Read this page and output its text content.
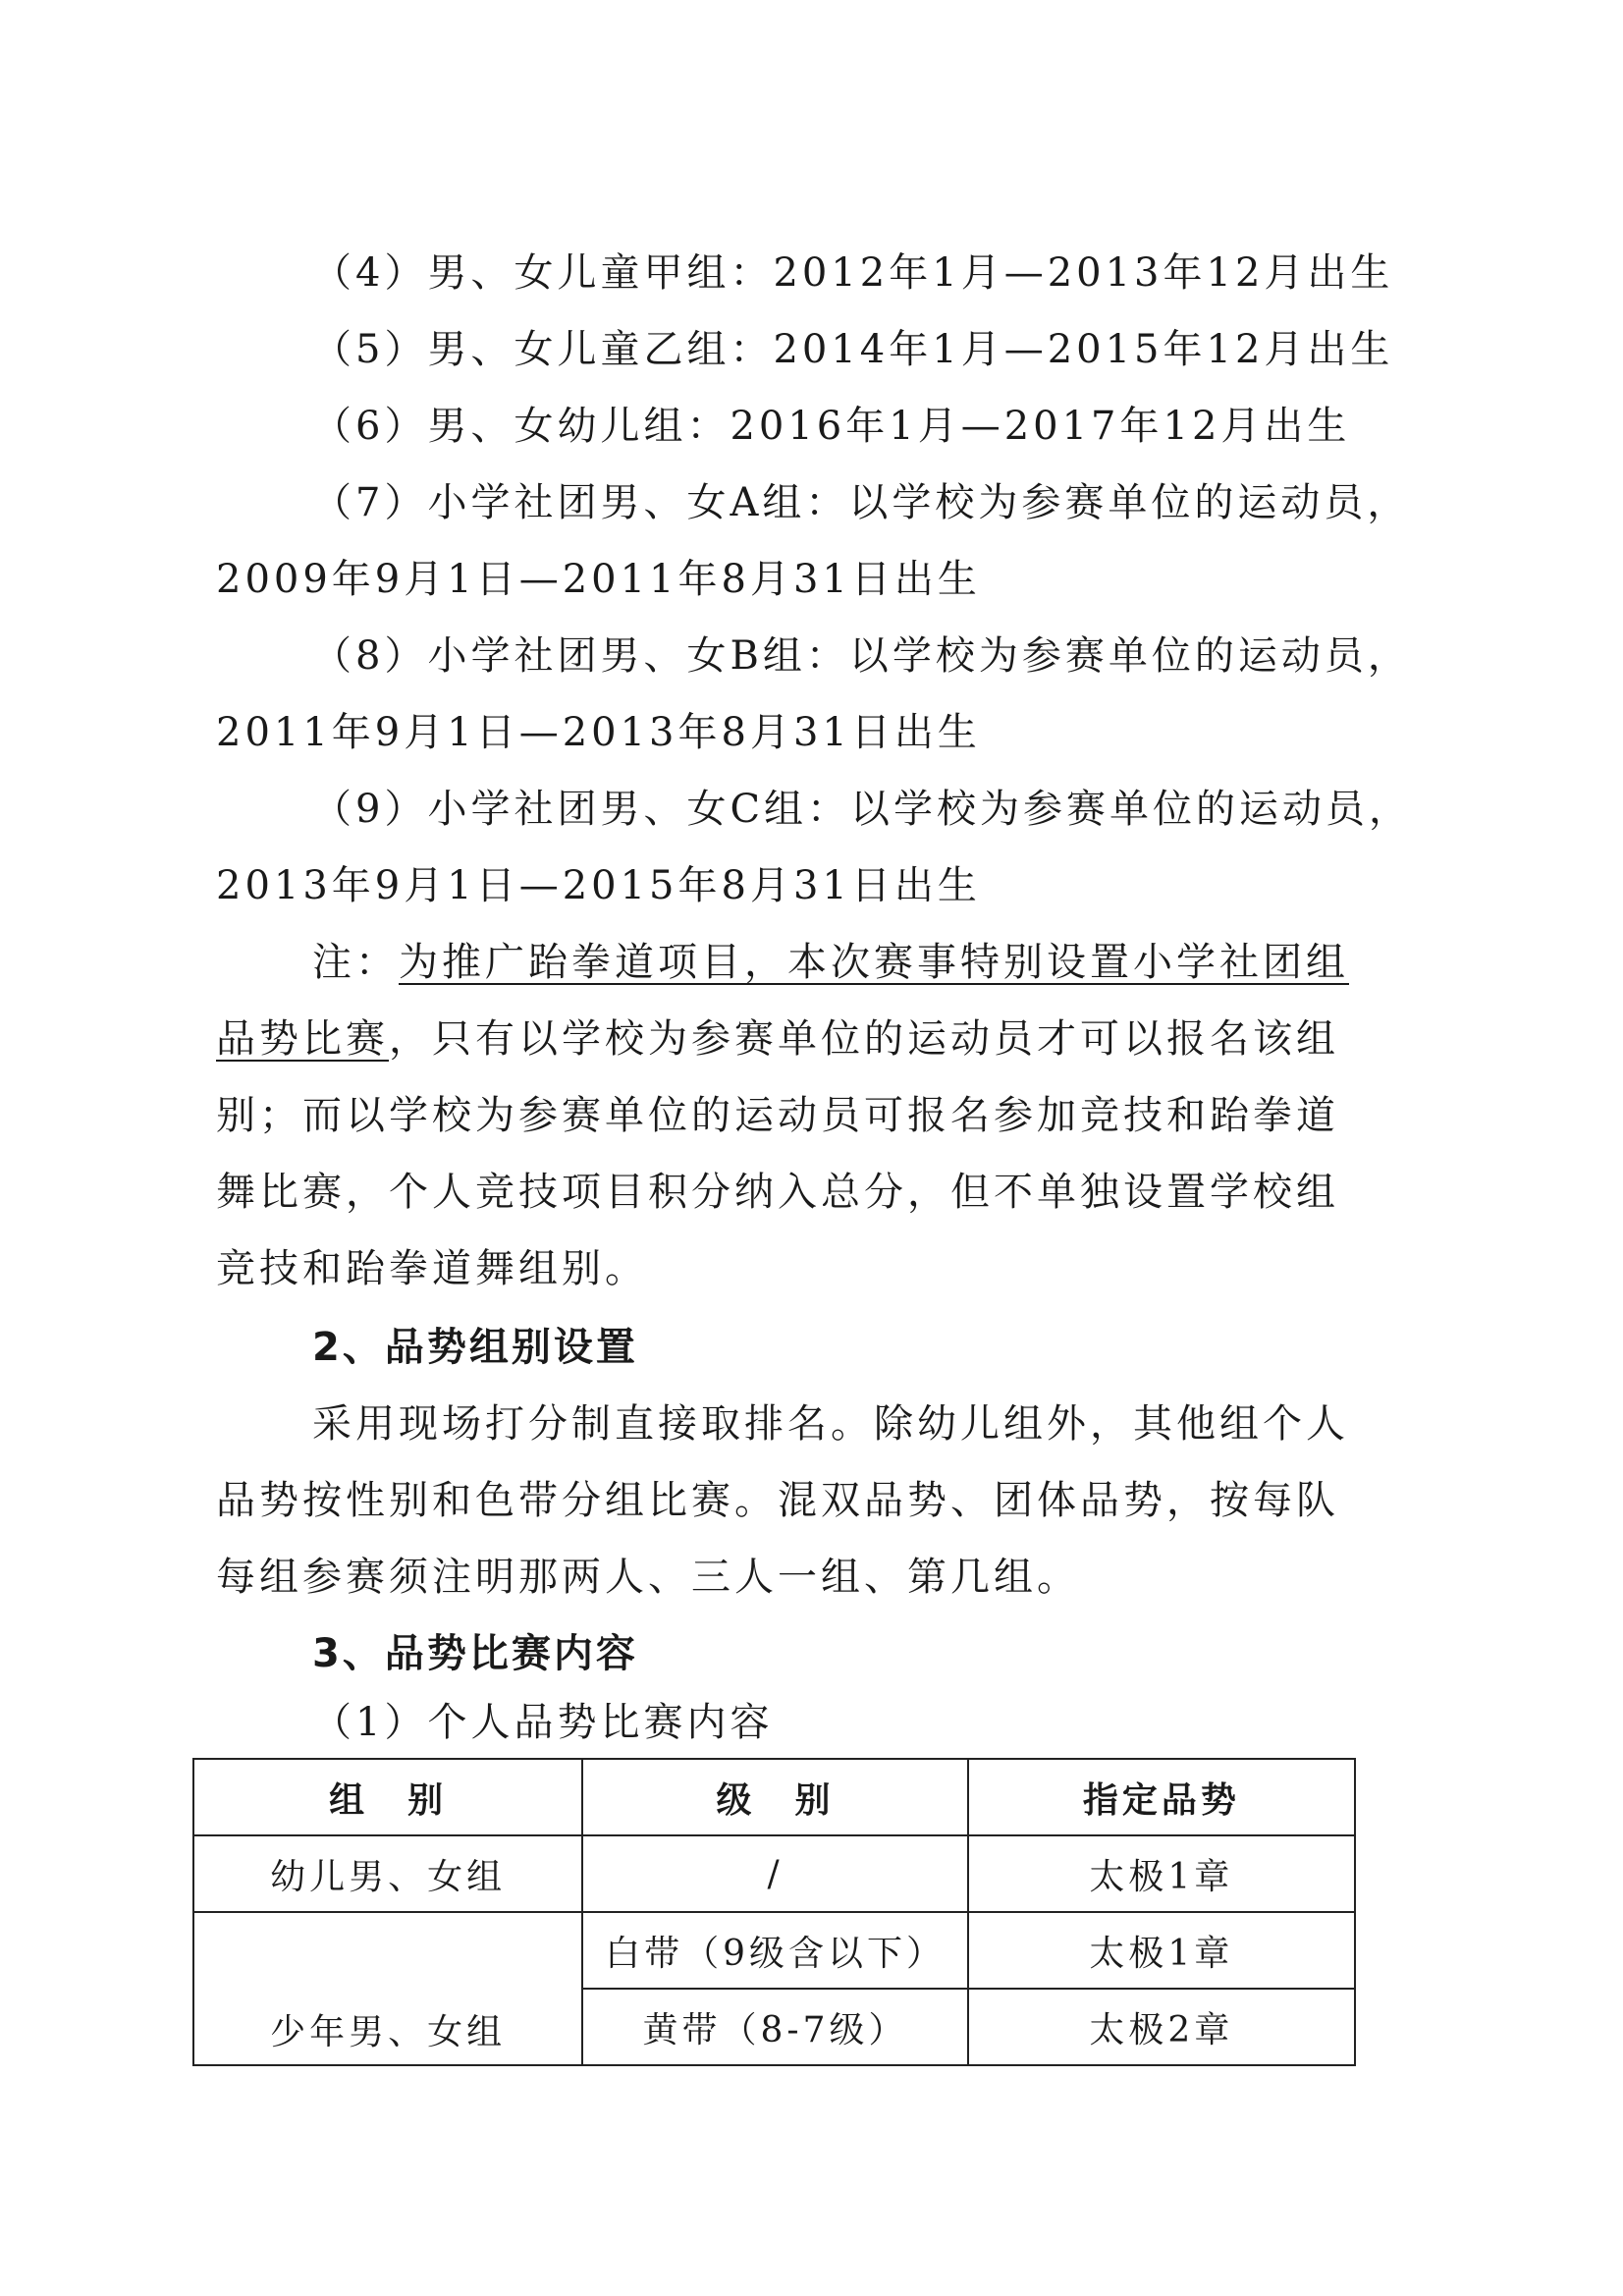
（4）男、女儿童甲组：2012年1月—2013年12月出生
（5）男、女儿童乙组：2014年1月—2015年12月出生
（6）男、女幼儿组：2016年1月—2017年12月出生
（7）小学社团男、女A组：以学校为参赛单位的运动员，
2009年9月1日—2011年8月31日出生
（8）小学社团男、女B组：以学校为参赛单位的运动员，
2011年9月1日—2013年8月31日出生
（9）小学社团男、女C组：以学校为参赛单位的运动员，
2013年9月1日—2015年8月31日出生
注：为推广跆拳道项目，本次赛事特别设置小学社团组
品势比赛，只有以学校为参赛单位的运动员才可以报名该组
别；而以学校为参赛单位的运动员可报名参加竞技和跆拳道
舞比赛，个人竞技项目积分纳入总分，但不单独设置学校组
竞技和跆拳道舞组别。
2、品势组别设置
采用现场打分制直接取排名。除幼儿组外，其他组个人
品势按性别和色带分组比赛。混双品势、团体品势，按每队
每组参赛须注明那两人、三人一组、第几组。
3、品势比赛内容
（1）个人品势比赛内容
组　别	级　别	指定品势
幼儿男、女组	/	太极1章
少年男、女组	白带（9级含以下）	太极1章
	黄带（8-7级）	太极2章
